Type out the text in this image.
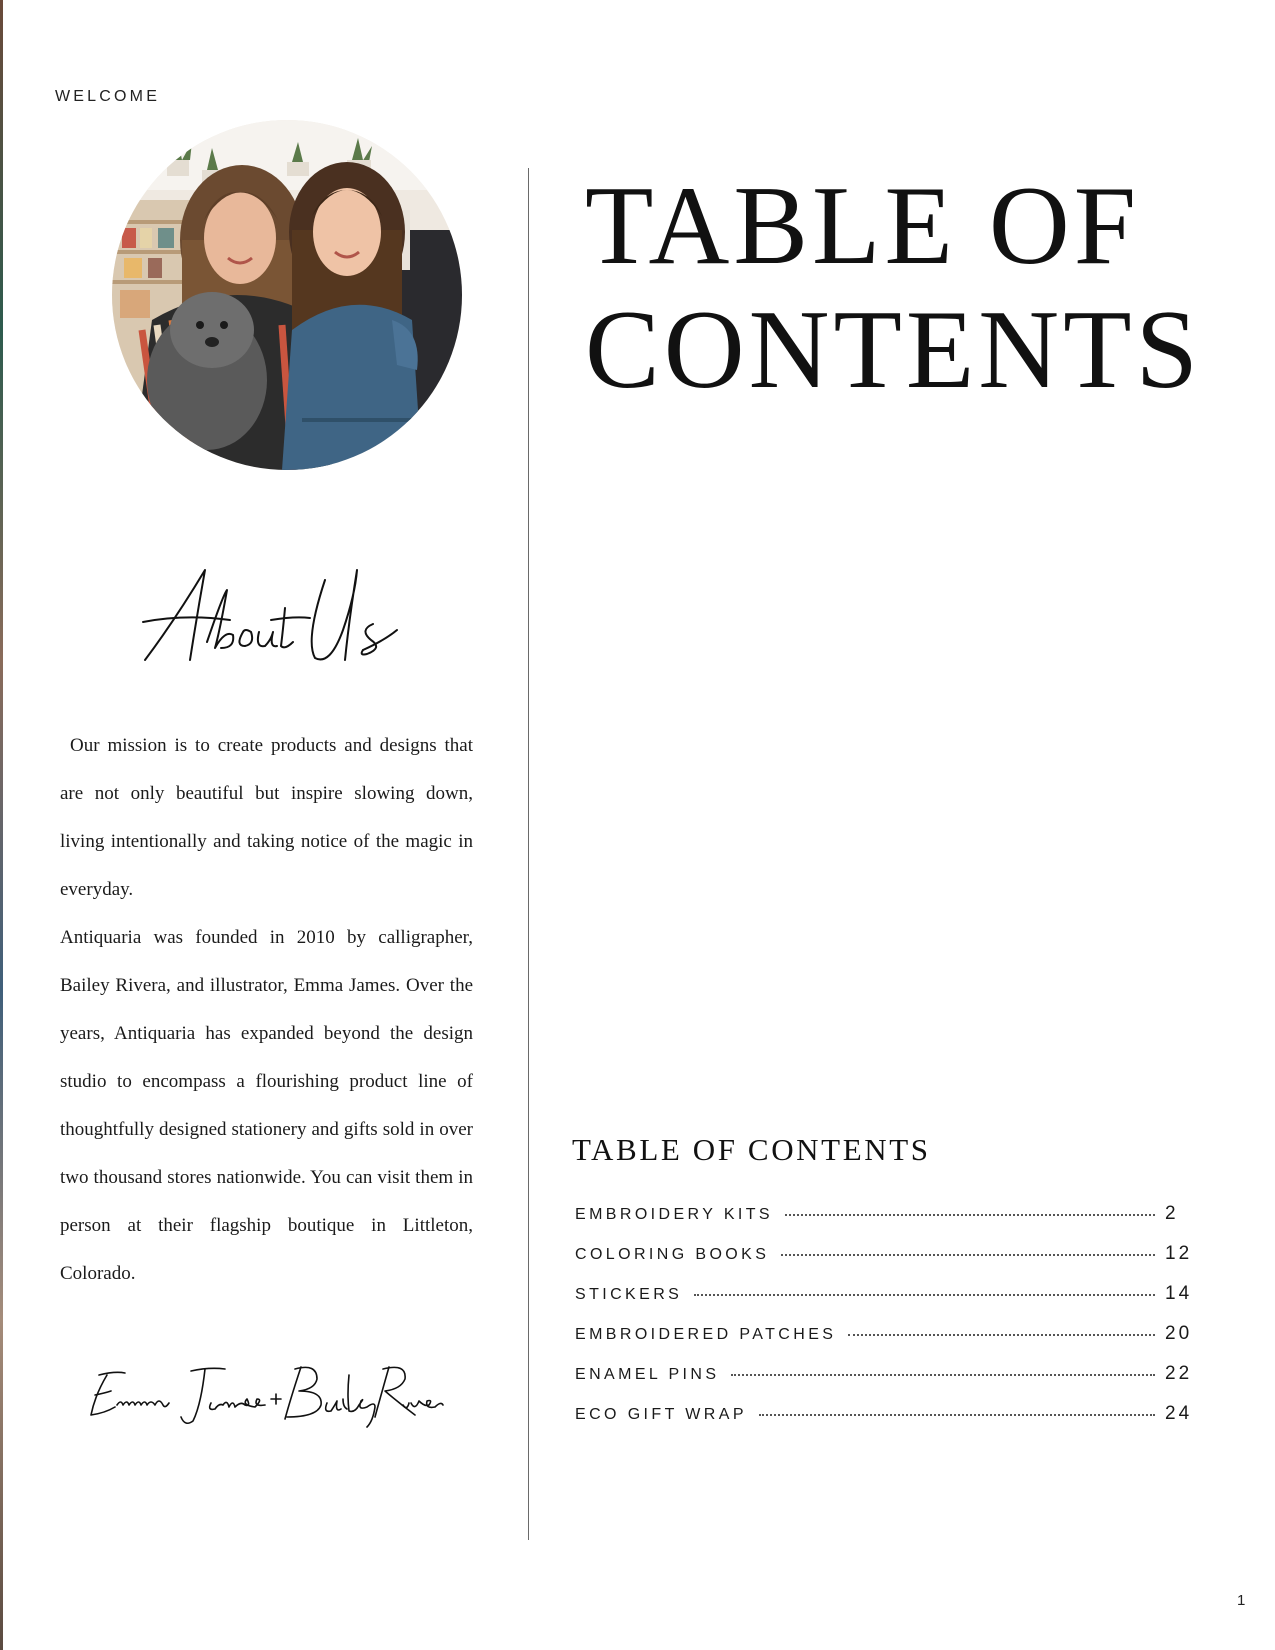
WELCOME

Our mission is to create products and designs that are not only beautiful but inspire slowing down, living intentionally and taking notice of the magic in everyday.

Antiquaria was founded in 2010 by calligrapher, Bailey Rivera, and illustrator, Emma James. Over the years, Antiquaria has expanded beyond the design studio to encompass a flourishing product line of thoughtfully designed stationery and gifts sold in over two thousand stores nationwide. You can visit them in person at their flagship boutique in Littleton, Colorado.

TABLE OF
CONTENTS
TABLE OF CONTENTS
EMBROIDERY KITS	2
COLORING BOOKS	12
STICKERS	14
EMBROIDERED PATCHES	20
ENAMEL PINS	22
ECO GIFT WRAP	24
1
